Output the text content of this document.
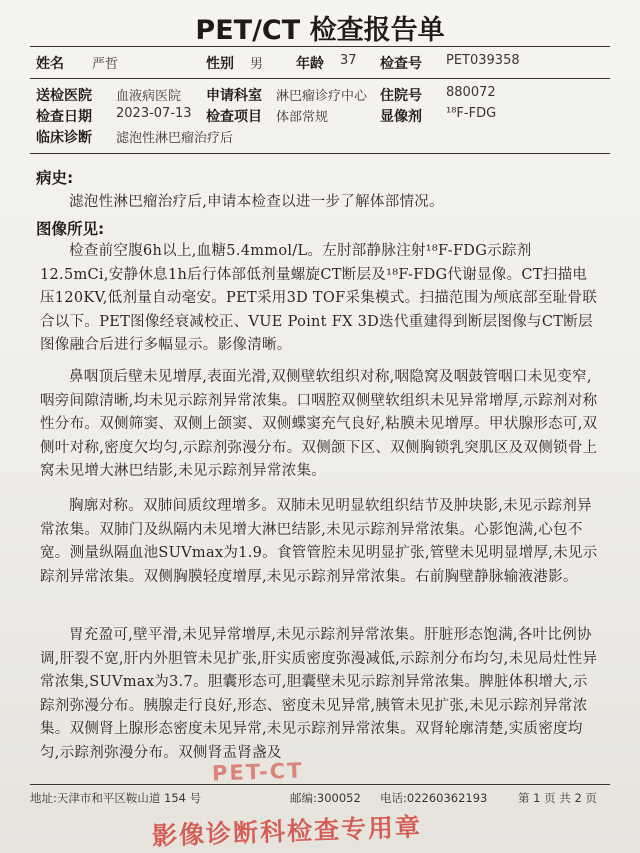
PET/CT 检查报告单
姓名 严哲	性别 男 年龄 37 检查号 PET039358
送检医院 血液病医院 申请科室 淋巴瘤诊疗中心 住院号 880072
检查日期 2023-07-13 检查项目 体部常规	显像剂 ¹⁸F-FDG
临床诊断 滤泡性淋巴瘤治疗后
病史:

滤泡性淋巴瘤治疗后,申请本检查以进一步了解体部情况。

图像所见:

检查前空腹6h以上,血糖5.4mmol/L。左肘部静脉注射¹⁸F-FDG示踪剂12.5mCi,安静休息1h后行体部低剂量螺旋CT断层及¹⁸F-FDG代谢显像。CT扫描电压120KV,低剂量自动毫安。PET采用3D TOF采集模式。扫描范围为颅底部至耻骨联合以下。PET图像经衰减校正、VUE Point FX 3D迭代重建得到断层图像与CT断层图像融合后进行多幅显示。影像清晰。

鼻咽顶后壁未见增厚,表面光滑,双侧壁软组织对称,咽隐窝及咽鼓管咽口未见变窄,咽旁间隙清晰,均未见示踪剂异常浓集。口咽腔双侧壁软组织未见异常增厚,示踪剂对称性分布。双侧筛窦、双侧上颌窦、双侧蝶窦充气良好,粘膜未见增厚。甲状腺形态可,双侧叶对称,密度欠均匀,示踪剂弥漫分布。双侧颌下区、双侧胸锁乳突肌区及双侧锁骨上窝未见增大淋巴结影,未见示踪剂异常浓集。

胸廓对称。双肺间质纹理增多。双肺未见明显软组织结节及肿块影,未见示踪剂异常浓集。双肺门及纵隔内未见增大淋巴结影,未见示踪剂异常浓集。心影饱满,心包不宽。测量纵隔血池SUVmax为1.9。食管管腔未见明显扩张,管壁未见明显增厚,未见示踪剂异常浓集。双侧胸膜轻度增厚,未见示踪剂异常浓集。右前胸壁静脉输液港影。

胃充盈可,壁平滑,未见异常增厚,未见示踪剂异常浓集。肝脏形态饱满,各叶比例协调,肝裂不宽,肝内外胆管未见扩张,肝实质密度弥漫减低,示踪剂分布均匀,未见局灶性异常浓集,SUVmax为3.7。胆囊形态可,胆囊壁未见示踪剂异常浓集。脾脏体积增大,示踪剂弥漫分布。胰腺走行良好,形态、密度未见异常,胰管未见扩张,未见示踪剂异常浓集。双侧肾上腺形态密度未见异常,未见示踪剂异常浓集。双肾轮廓清楚,实质密度均匀,示踪剂弥漫分布。双侧肾盂肾盏及

PET-CT
地址:天津市和平区鞍山道 154 号	邮编:300052 电话:02260362193	第 1 页 共 2 页
影像诊断科检查专用章
